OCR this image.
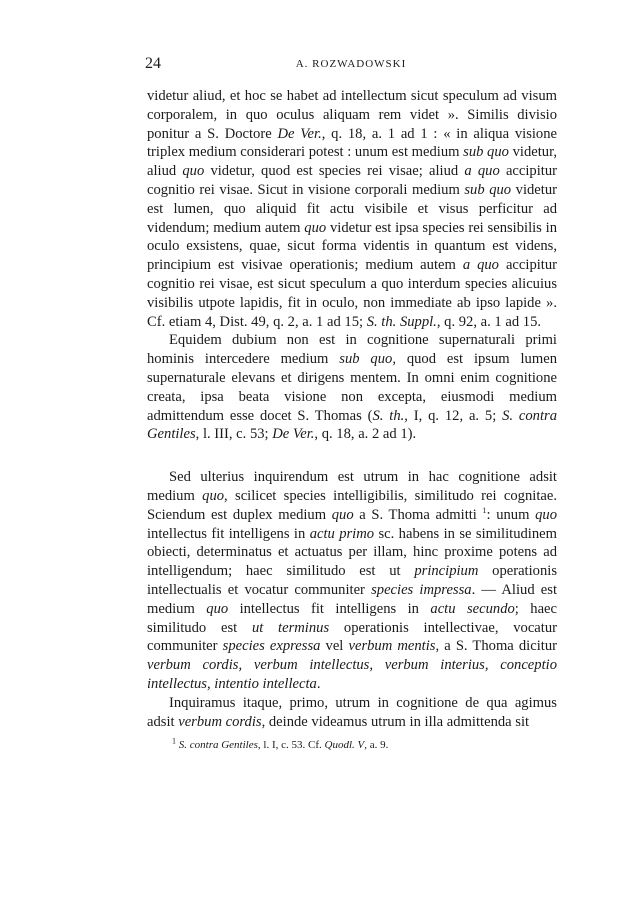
24	A. ROZWADOWSKI

videtur aliud, et hoc se habet ad intellectum sicut speculum ad visum corporalem, in quo oculus aliquam rem videt ». Similis divisio ponitur a S. Doctore De Ver., q. 18, a. 1 ad 1 : « in aliqua visione triplex medium considerari potest : unum est medium sub quo videtur, aliud quo videtur, quod est species rei visae; aliud a quo accipitur cognitio rei visae. Sicut in visione corporali medium sub quo videtur est lumen, quo aliquid fit actu visibile et visus perficitur ad videndum; medium autem quo videtur est ipsa species rei sensibilis in oculo exsistens, quae, sicut forma videntis in quantum est videns, principium est visivae operationis; medium autem a quo accipitur cognitio rei visae, est sicut speculum a quo interdum species alicuius visibilis utpote lapidis, fit in oculo, non immediate ab ipso lapide ». Cf. etiam 4, Dist. 49, q. 2, a. 1 ad 15; S. th. Suppl., q. 92, a. 1 ad 15.

Equidem dubium non est in cognitione supernaturali primi hominis intercedere medium sub quo, quod est ipsum lumen supernaturale elevans et dirigens mentem. In omni enim cognitione creata, ipsa beata visione non excepta, eiusmodi medium admittendum esse docet S. Thomas (S. th., I, q. 12, a. 5; S. contra Gentiles, l. III, c. 53; De Ver., q. 18, a. 2 ad 1).

Sed ulterius inquirendum est utrum in hac cognitione adsit medium quo, scilicet species intelligibilis, similitudo rei cognitae. Sciendum est duplex medium quo a S. Thoma admitti $^1$: unum quo intellectus fit intelligens in actu primo sc. habens in se similitudinem obiecti, determinatus et actuatus per illam, hinc proxime potens ad intelligendum; haec similitudo est ut principium operationis intellectualis et vocatur communiter species impressa. — Aliud est medium quo intellectus fit intelligens in actu secundo; haec similitudo est ut terminus operationis intellectivae, vocatur communiter species expressa vel verbum mentis, a S. Thoma dicitur verbum cordis, verbum intellectus, verbum interius, conceptio intellectus, intentio intellecta.

Inquiramus itaque, primo, utrum in cognitione de qua agimus adsit verbum cordis, deinde videamus utrum in illa admittenda sit

$^1$ S. contra Gentiles, l. I, c. 53. Cf. Quodl. V, a. 9.
